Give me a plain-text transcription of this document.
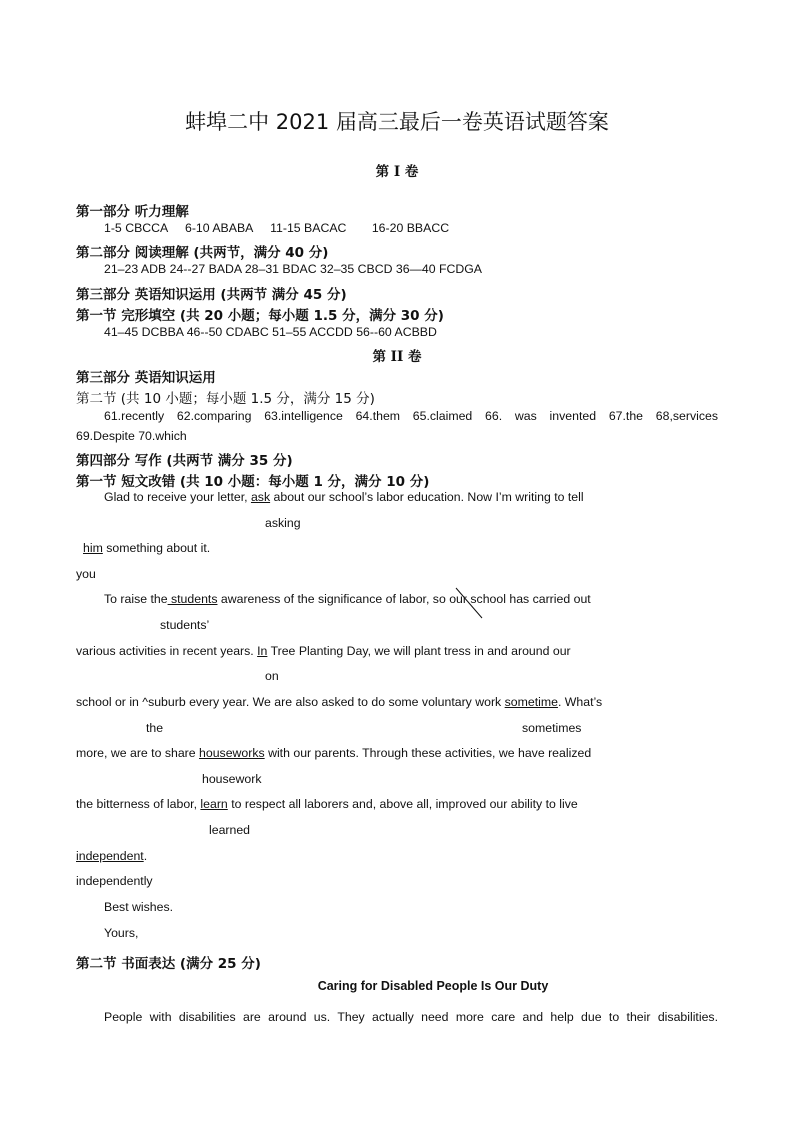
蚌埠二中 2021 届高三最后一卷英语试题答案
第 I 卷
第一部分 听力理解
1-5 CBCCA 6-10 ABABA 11-15 BACAC 16-20 BBACC
第二部分 阅读理解 (共两节，满分 40 分)
21–23 ADB 24--27 BADA 28–31 BDAC 32–35 CBCD 36—40 FCDGA
第三部分 英语知识运用 (共两节 满分 45 分)
第一节 完形填空 (共 20 小题；每小题 1.5 分，满分 30 分)
41–45 DCBBA 46--50 CDABC 51–55 ACCDD 56--60 ACBBD
第 II 卷
第三部分 英语知识运用
第二节 (共 10 小题；每小题 1.5 分，满分 15 分)
61.recently 62.comparing 63.intelligence 64.them 65.claimed 66. was invented 67.the 68,services
69.Despite 70.which
第四部分 写作 (共两节 满分 35 分)
第一节 短文改错 (共 10 小题：每小题 1 分，满分 10 分)
Glad to receive your letter, ask about our school’s labor education. Now I’m writing to tell
asking
him something about it.
you
To raise the students awareness of the significance of labor, so our school has carried out
students’
various activities in recent years. In Tree Planting Day, we will plant tress in and around our
on
school or in ^suburb every year. We are also asked to do some voluntary work sometime. What’s
the	sometimes
more, we are to share houseworks with our parents. Through these activities, we have realized
housework
the bitterness of labor, learn to respect all laborers and, above all, improved our ability to live
learned
independent.
independently
Best wishes.
Yours,
第二节 书面表达 (满分 25 分)
Caring for Disabled People Is Our Duty
People with disabilities are around us. They actually need more care and help due to their disabilities.
